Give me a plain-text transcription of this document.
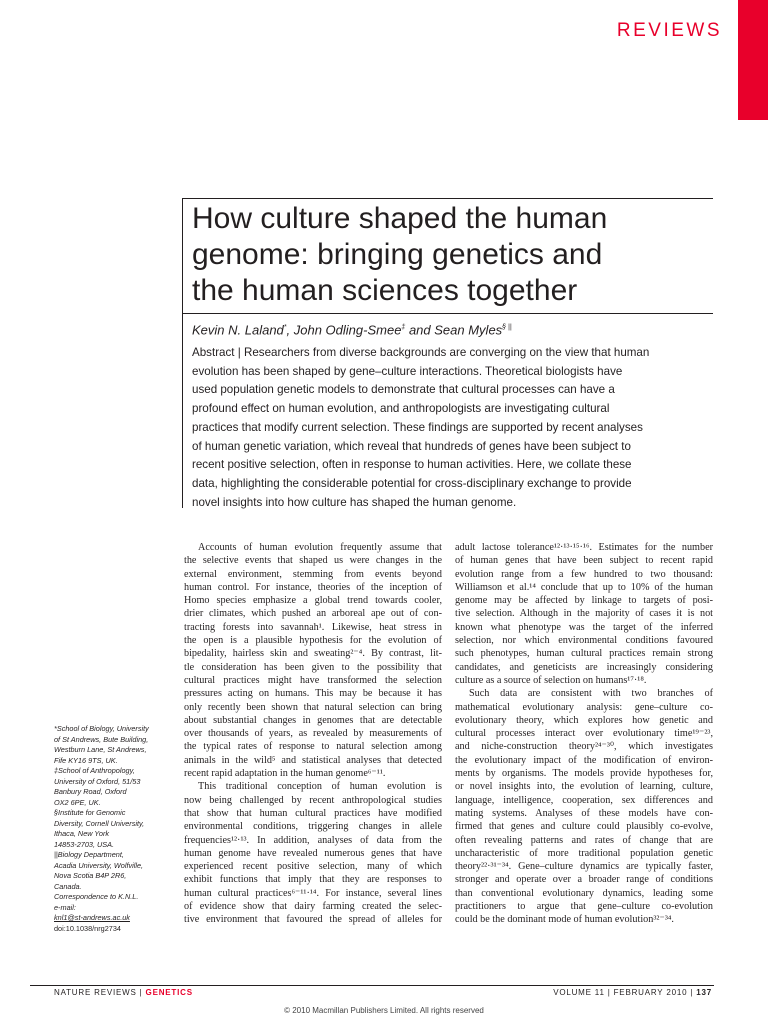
REVIEWS
How culture shaped the human
genome: bringing genetics and
the human sciences together
Kevin N. Laland*, John Odling-Smee‡ and Sean Myles§ ||
Abstract | Researchers from diverse backgrounds are converging on the view that human
evolution has been shaped by gene–culture interactions. Theoretical biologists have
used population genetic models to demonstrate that cultural processes can have a
profound effect on human evolution, and anthropologists are investigating cultural
practices that modify current selection. These findings are supported by recent analyses
of human genetic variation, which reveal that hundreds of genes have been subject to
recent positive selection, often in response to human activities. Here, we collate these
data, highlighting the considerable potential for cross-disciplinary exchange to provide
novel insights into how culture has shaped the human genome.
Accounts of human evolution frequently assume that
the selective events that shaped us were changes in the
external environment, stemming from events beyond
human control. For instance, theories of the inception of
Homo species emphasize a global trend towards cooler,
drier climates, which pushed an arboreal ape out of con-
tracting forests into savannah¹. Likewise, heat stress in
the open is a plausible hypothesis for the evolution of
bipedality, hairless skin and sweating²⁻⁴. By contrast, lit-
tle consideration has been given to the possibility that
cultural practices might have transformed the selection
pressures acting on humans. This may be because it has
only recently been shown that natural selection can bring
about substantial changes in genomes that are detectable
over thousands of years, as revealed by measurements of
the typical rates of response to natural selection among
animals in the wild⁵ and statistical analyses that detected
recent rapid adaptation in the human genome⁶⁻¹¹.
This traditional conception of human evolution is
now being challenged by recent anthropological studies
that show that human cultural practices have modified
environmental conditions, triggering changes in allele
frequencies¹²·¹³. In addition, analyses of data from the
human genome have revealed numerous genes that have
experienced recent positive selection, many of which
exhibit functions that imply that they are responses to
human cultural practices⁶⁻¹¹·¹⁴. For instance, several lines
of evidence show that dairy farming created the selec-
tive environment that favoured the spread of alleles for
adult lactose tolerance¹²·¹³·¹⁵·¹⁶. Estimates for the number
of human genes that have been subject to recent rapid
evolution range from a few hundred to two thousand:
Williamson et al.¹⁴ conclude that up to 10% of the human
genome may be affected by linkage to targets of posi-
tive selection. Although in the majority of cases it is not
known what phenotype was the target of the inferred
selection, nor which environmental conditions favoured
such phenotypes, human cultural practices remain strong
candidates, and geneticists are increasingly considering
culture as a source of selection on humans¹⁷·¹⁸.
Such data are consistent with two branches of
mathematical evolutionary analysis: gene–culture co-
evolutionary theory, which explores how genetic and
cultural processes interact over evolutionary time¹⁹⁻²³,
and niche-construction theory²⁴⁻³⁰, which investigates
the evolutionary impact of the modification of environ-
ments by organisms. The models provide hypotheses for,
or novel insights into, the evolution of learning, culture,
language, intelligence, cooperation, sex differences and
mating systems. Analyses of these models have con-
firmed that genes and culture could plausibly co-evolve,
often revealing patterns and rates of change that are
uncharacteristic of more traditional population genetic
theory²²·³¹⁻³⁴. Gene–culture dynamics are typically faster,
stronger and operate over a broader range of conditions
than conventional evolutionary dynamics, leading some
practitioners to argue that gene–culture co-evolution
could be the dominant mode of human evolution³²⁻³⁴.
*School of Biology, University
of St Andrews, Bute Building,
Westburn Lane, St Andrews,
Fife KY16 9TS, UK.
‡School of Anthropology,
University of Oxford, 51/53
Banbury Road, Oxford
OX2 6PE, UK.
§Institute for Genomic
Diversity, Cornell University,
Ithaca, New York
14853-2703, USA.
||Biology Department,
Acadia University, Wolfville,
Nova Scotia B4P 2R6,
Canada.
Correspondence to K.N.L.
e-mail:
knl1@st-andrews.ac.uk
doi:10.1038/nrg2734
NATURE REVIEWS | GENETICS	VOLUME 11 | FEBRUARY 2010 | 137
© 2010 Macmillan Publishers Limited. All rights reserved
